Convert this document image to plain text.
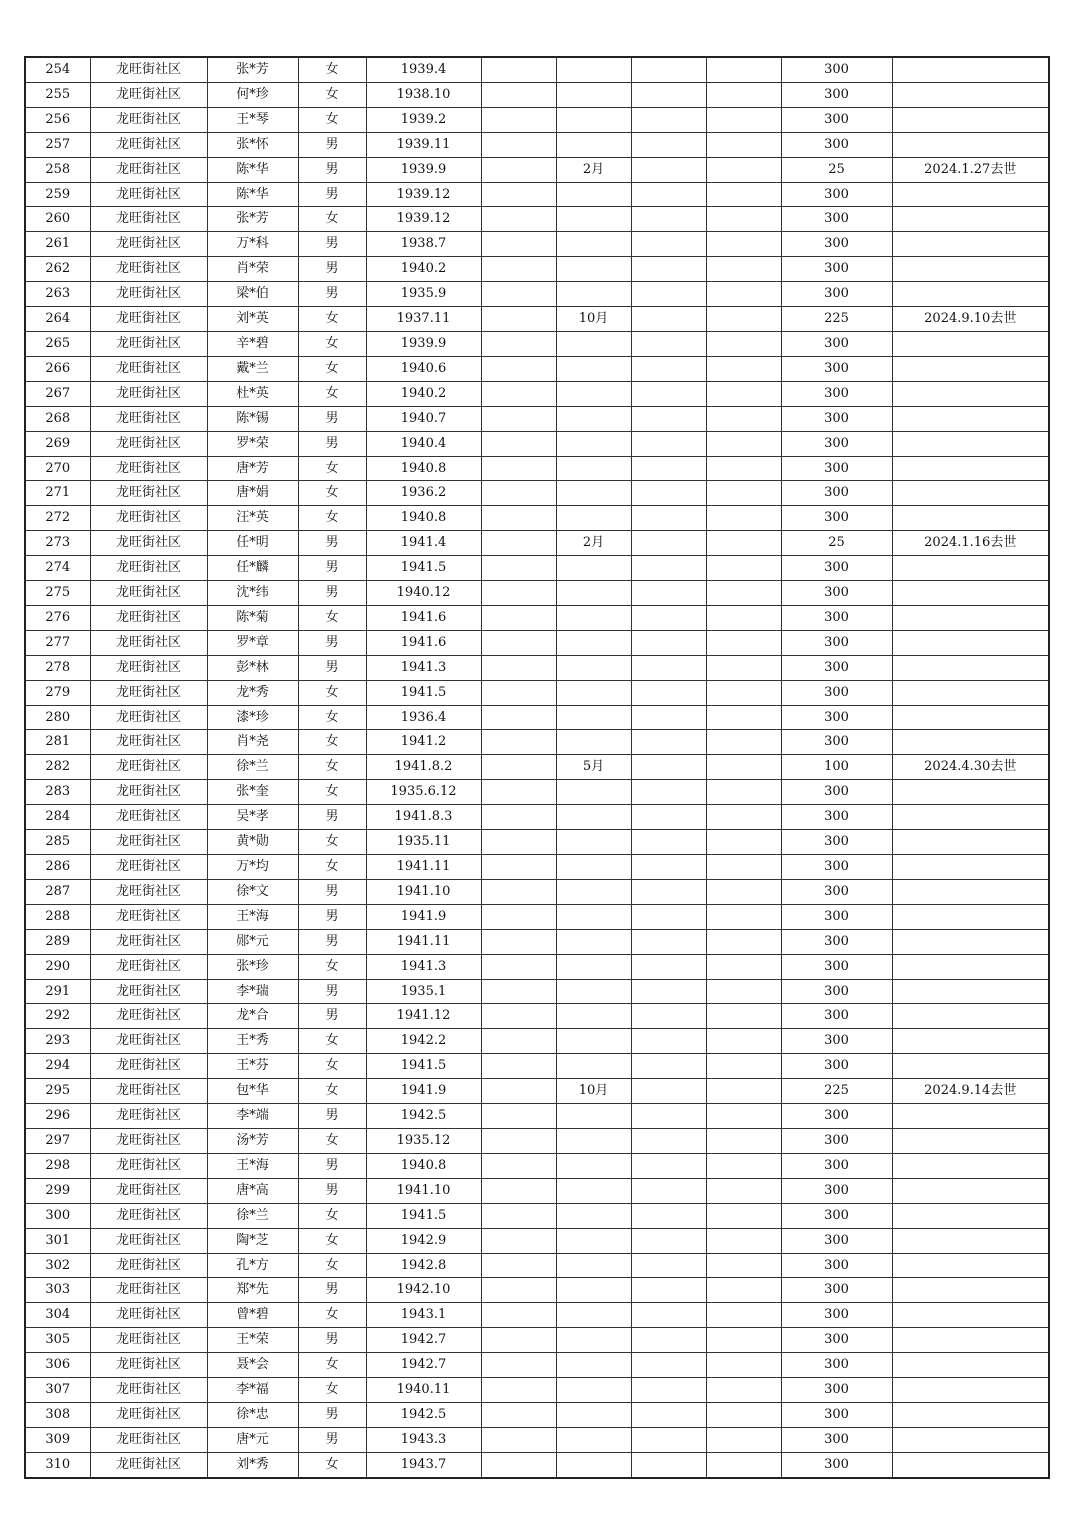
254	龙旺街社区	张*芳	女	1939.4					300	
255	龙旺街社区	何*珍	女	1938.10					300	
256	龙旺街社区	王*琴	女	1939.2					300	
257	龙旺街社区	张*怀	男	1939.11					300	
258	龙旺街社区	陈*华	男	1939.9		2月			25	2024.1.27去世
259	龙旺街社区	陈*华	男	1939.12					300	
260	龙旺街社区	张*芳	女	1939.12					300	
261	龙旺街社区	万*科	男	1938.7					300	
262	龙旺街社区	肖*荣	男	1940.2					300	
263	龙旺街社区	梁*伯	男	1935.9					300	
264	龙旺街社区	刘*英	女	1937.11		10月			225	2024.9.10去世
265	龙旺街社区	辛*碧	女	1939.9					300	
266	龙旺街社区	戴*兰	女	1940.6					300	
267	龙旺街社区	杜*英	女	1940.2					300	
268	龙旺街社区	陈*锡	男	1940.7					300	
269	龙旺街社区	罗*荣	男	1940.4					300	
270	龙旺街社区	唐*芳	女	1940.8					300	
271	龙旺街社区	唐*娟	女	1936.2					300	
272	龙旺街社区	汪*英	女	1940.8					300	
273	龙旺街社区	任*明	男	1941.4		2月			25	2024.1.16去世
274	龙旺街社区	任*麟	男	1941.5					300	
275	龙旺街社区	沈*纬	男	1940.12					300	
276	龙旺街社区	陈*菊	女	1941.6					300	
277	龙旺街社区	罗*章	男	1941.6					300	
278	龙旺街社区	彭*林	男	1941.3					300	
279	龙旺街社区	龙*秀	女	1941.5					300	
280	龙旺街社区	漆*珍	女	1936.4					300	
281	龙旺街社区	肖*尧	女	1941.2					300	
282	龙旺街社区	徐*兰	女	1941.8.2		5月			100	2024.4.30去世
283	龙旺街社区	张*奎	女	1935.6.12					300	
284	龙旺街社区	吴*孝	男	1941.8.3					300	
285	龙旺街社区	黄*勋	女	1935.11					300	
286	龙旺街社区	万*均	女	1941.11					300	
287	龙旺街社区	徐*文	男	1941.10					300	
288	龙旺街社区	王*海	男	1941.9					300	
289	龙旺街社区	郧*元	男	1941.11					300	
290	龙旺街社区	张*珍	女	1941.3					300	
291	龙旺街社区	李*瑞	男	1935.1					300	
292	龙旺街社区	龙*合	男	1941.12					300	
293	龙旺街社区	王*秀	女	1942.2					300	
294	龙旺街社区	王*芬	女	1941.5					300	
295	龙旺街社区	包*华	女	1941.9		10月			225	2024.9.14去世
296	龙旺街社区	李*端	男	1942.5					300	
297	龙旺街社区	汤*芳	女	1935.12					300	
298	龙旺街社区	王*海	男	1940.8					300	
299	龙旺街社区	唐*高	男	1941.10					300	
300	龙旺街社区	徐*兰	女	1941.5					300	
301	龙旺街社区	陶*芝	女	1942.9					300	
302	龙旺街社区	孔*方	女	1942.8					300	
303	龙旺街社区	郑*先	男	1942.10					300	
304	龙旺街社区	曾*碧	女	1943.1					300	
305	龙旺街社区	王*荣	男	1942.7					300	
306	龙旺街社区	聂*会	女	1942.7					300	
307	龙旺街社区	李*福	女	1940.11					300	
308	龙旺街社区	徐*忠	男	1942.5					300	
309	龙旺街社区	唐*元	男	1943.3					300	
310	龙旺街社区	刘*秀	女	1943.7					300	
